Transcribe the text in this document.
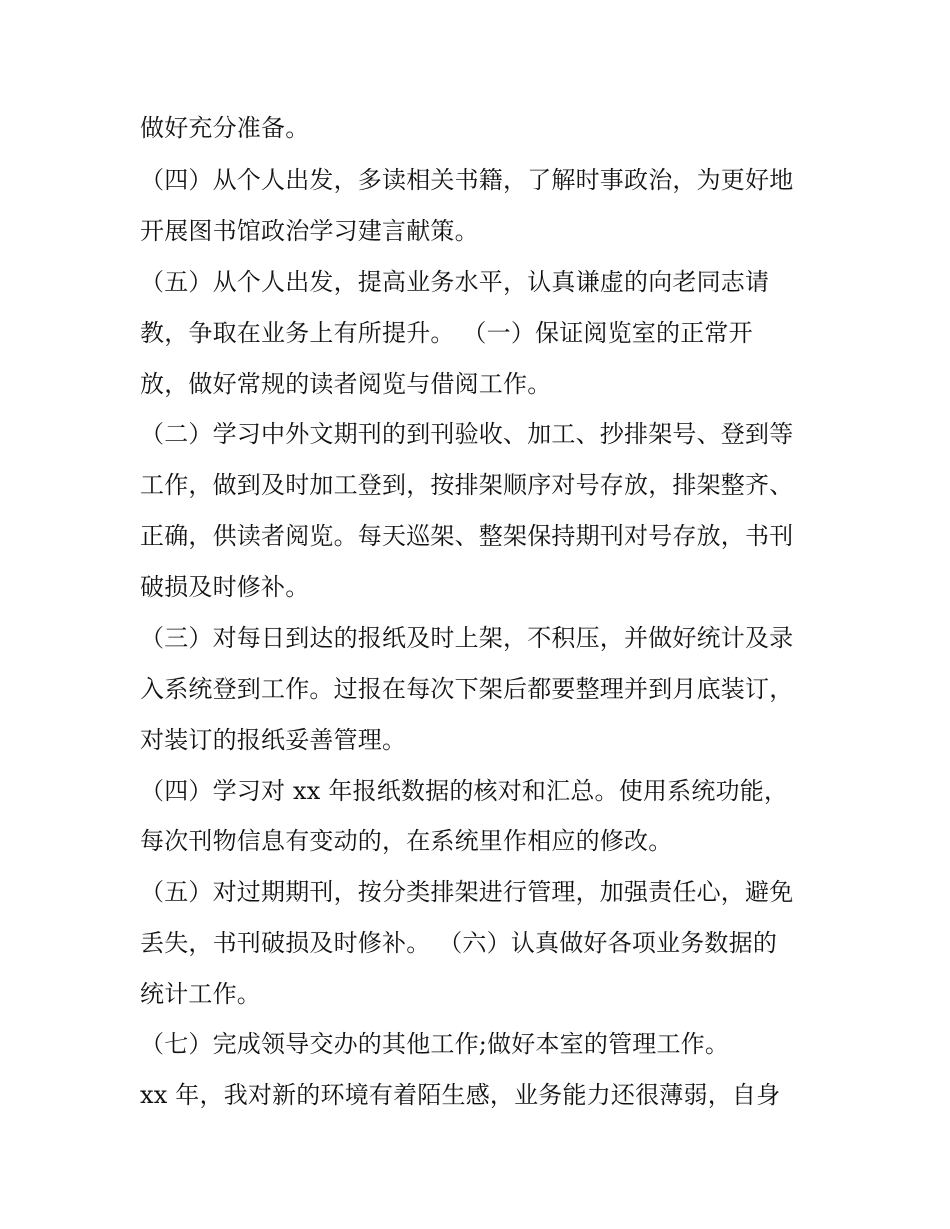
做好充分准备。
（四）从个人出发，多读相关书籍，了解时事政治，为更好地
开展图书馆政治学习建言献策。
（五）从个人出发，提高业务水平，认真谦虚的向老同志请
教，争取在业务上有所提升。 （一）保证阅览室的正常开
放，做好常规的读者阅览与借阅工作。
（二）学习中外文期刊的到刊验收、加工、抄排架号、登到等
工作，做到及时加工登到，按排架顺序对号存放，排架整齐、
正确，供读者阅览。每天巡架、整架保持期刊对号存放，书刊
破损及时修补。
（三）对每日到达的报纸及时上架，不积压，并做好统计及录
入系统登到工作。过报在每次下架后都要整理并到月底装订，
对装订的报纸妥善管理。
（四）学习对 xx 年报纸数据的核对和汇总。使用系统功能，
每次刊物信息有变动的，在系统里作相应的修改。
（五）对过期期刊，按分类排架进行管理，加强责任心，避免
丢失，书刊破损及时修补。 （六）认真做好各项业务数据的
统计工作。
（七）完成领导交办的其他工作;做好本室的管理工作。
xx 年，我对新的环境有着陌生感，业务能力还很薄弱，自身
